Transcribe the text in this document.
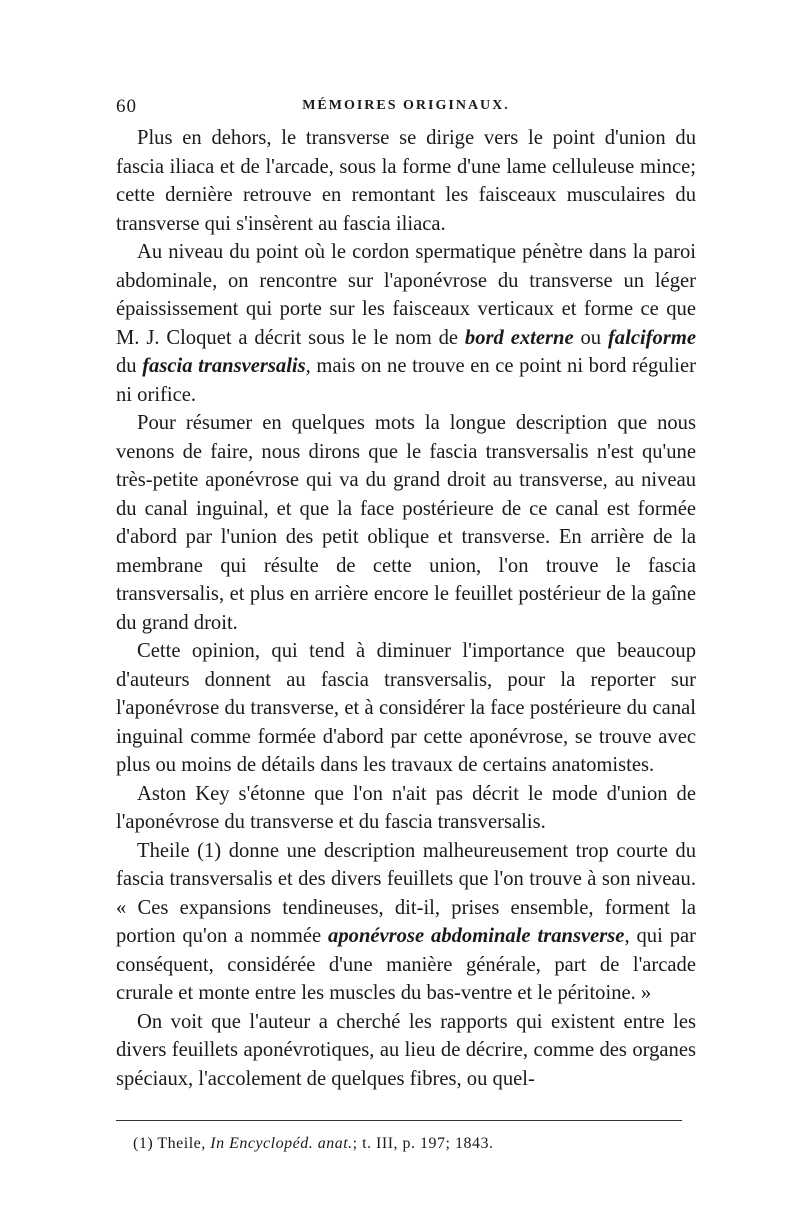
60	MÉMOIRES ORIGINAUX.

Plus en dehors, le transverse se dirige vers le point d'union du fascia iliaca et de l'arcade, sous la forme d'une lame celluleuse mince; cette dernière retrouve en remontant les faisceaux musculaires du transverse qui s'insèrent au fascia iliaca.

Au niveau du point où le cordon spermatique pénètre dans la paroi abdominale, on rencontre sur l'aponévrose du transverse un léger épaississement qui porte sur les faisceaux verticaux et forme ce que M. J. Cloquet a décrit sous le le nom de bord externe ou falciforme du fascia transversalis, mais on ne trouve en ce point ni bord régulier ni orifice.

Pour résumer en quelques mots la longue description que nous venons de faire, nous dirons que le fascia transversalis n'est qu'une très-petite aponévrose qui va du grand droit au transverse, au niveau du canal inguinal, et que la face postérieure de ce canal est formée d'abord par l'union des petit oblique et transverse. En arrière de la membrane qui résulte de cette union, l'on trouve le fascia transversalis, et plus en arrière encore le feuillet postérieur de la gaîne du grand droit.

Cette opinion, qui tend à diminuer l'importance que beaucoup d'auteurs donnent au fascia transversalis, pour la reporter sur l'aponévrose du transverse, et à considérer la face postérieure du canal inguinal comme formée d'abord par cette aponévrose, se trouve avec plus ou moins de détails dans les travaux de certains anatomistes.

Aston Key s'étonne que l'on n'ait pas décrit le mode d'union de l'aponévrose du transverse et du fascia transversalis.

Theile (1) donne une description malheureusement trop courte du fascia transversalis et des divers feuillets que l'on trouve à son niveau. « Ces expansions tendineuses, dit-il, prises ensemble, forment la portion qu'on a nommée aponévrose abdominale transverse, qui par conséquent, considérée d'une manière générale, part de l'arcade crurale et monte entre les muscles du bas-ventre et le péritoine. »

On voit que l'auteur a cherché les rapports qui existent entre les divers feuillets aponévrotiques, au lieu de décrire, comme des organes spéciaux, l'accolement de quelques fibres, ou quel-

(1) Theile, In Encyclopéd. anat.; t. III, p. 197; 1843.
